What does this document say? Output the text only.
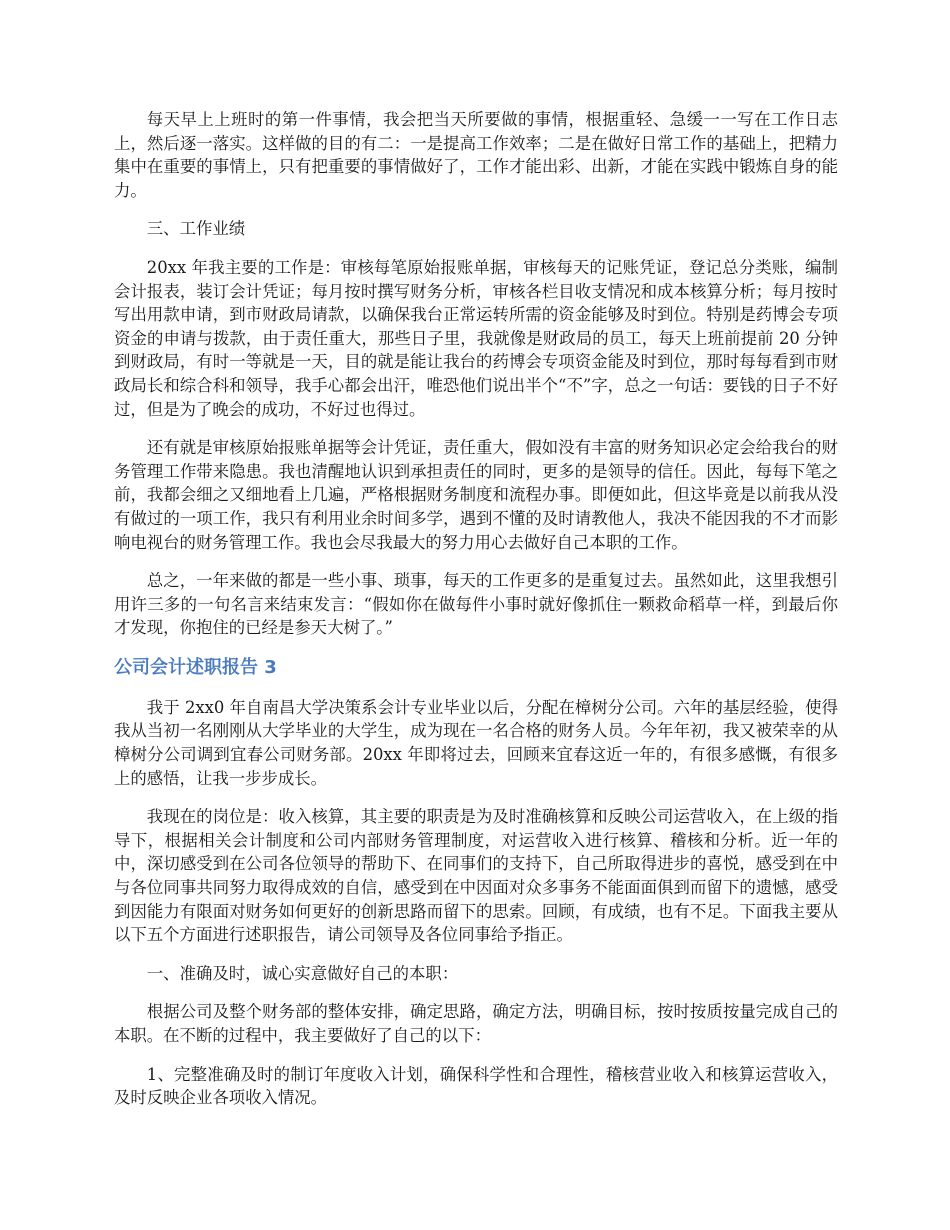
每天早上上班时的第一件事情，我会把当天所要做的事情，根据重轻、急缓一一写在工作日志上，然后逐一落实。这样做的目的有二：一是提高工作效率；二是在做好日常工作的基础上，把精力集中在重要的事情上，只有把重要的事情做好了，工作才能出彩、出新，才能在实践中锻炼自身的能力。

三、工作业绩

20xx 年我主要的工作是：审核每笔原始报账单据，审核每天的记账凭证，登记总分类账，编制会计报表，装订会计凭证；每月按时撰写财务分析，审核各栏目收支情况和成本核算分析；每月按时写出用款申请，到市财政局请款，以确保我台正常运转所需的资金能够及时到位。特别是药博会专项资金的申请与拨款，由于责任重大，那些日子里，我就像是财政局的员工，每天上班前提前 20 分钟到财政局，有时一等就是一天，目的就是能让我台的药博会专项资金能及时到位，那时每每看到市财政局长和综合科和领导，我手心都会出汗，唯恐他们说出半个“不”字，总之一句话：要钱的日子不好过，但是为了晚会的成功，不好过也得过。

还有就是审核原始报账单据等会计凭证，责任重大，假如没有丰富的财务知识必定会给我台的财务管理工作带来隐患。我也清醒地认识到承担责任的同时，更多的是领导的信任。因此，每每下笔之前，我都会细之又细地看上几遍，严格根据财务制度和流程办事。即便如此，但这毕竟是以前我从没有做过的一项工作，我只有利用业余时间多学，遇到不懂的及时请教他人，我决不能因我的不才而影响电视台的财务管理工作。我也会尽我最大的努力用心去做好自己本职的工作。

总之，一年来做的都是一些小事、琐事，每天的工作更多的是重复过去。虽然如此，这里我想引用许三多的一句名言来结束发言：“假如你在做每件小事时就好像抓住一颗救命稻草一样，到最后你才发现，你抱住的已经是参天大树了。”

公司会计述职报告 3

我于 2xx0 年自南昌大学决策系会计专业毕业以后，分配在樟树分公司。六年的基层经验，使得我从当初一名刚刚从大学毕业的大学生，成为现在一名合格的财务人员。今年年初，我又被荣幸的从樟树分公司调到宜春公司财务部。20xx 年即将过去，回顾来宜春这近一年的，有很多感慨，有很多上的感悟，让我一步步成长。

我现在的岗位是：收入核算，其主要的职责是为及时准确核算和反映公司运营收入，在上级的指导下，根据相关会计制度和公司内部财务管理制度，对运营收入进行核算、稽核和分析。近一年的中，深切感受到在公司各位领导的帮助下、在同事们的支持下，自己所取得进步的喜悦，感受到在中与各位同事共同努力取得成效的自信，感受到在中因面对众多事务不能面面俱到而留下的遗憾，感受到因能力有限面对财务如何更好的创新思路而留下的思索。回顾，有成绩，也有不足。下面我主要从以下五个方面进行述职报告，请公司领导及各位同事给予指正。

一、准确及时，诚心实意做好自己的本职：

根据公司及整个财务部的整体安排，确定思路，确定方法，明确目标，按时按质按量完成自己的本职。在不断的过程中，我主要做好了自己的以下：

1、完整准确及时的制订年度收入计划，确保科学性和合理性，稽核营业收入和核算运营收入，及时反映企业各项收入情况。
